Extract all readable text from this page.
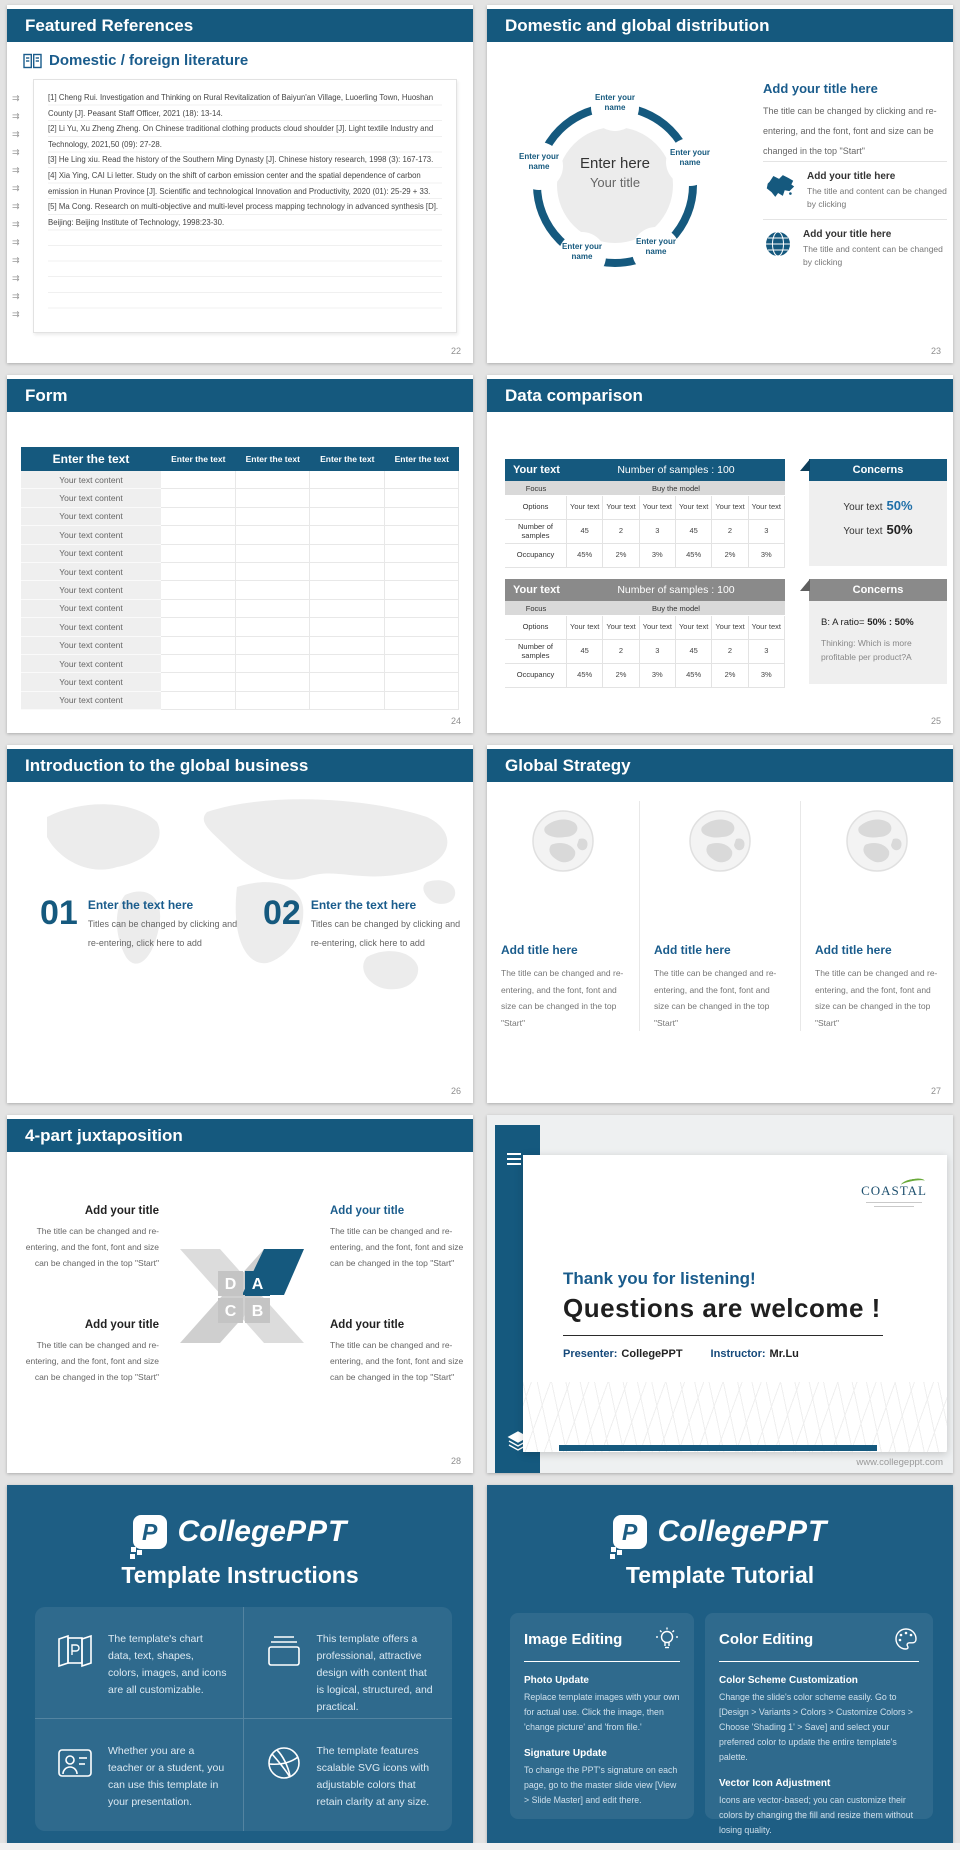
Featured References
22
Domestic / foreign literature
⇉
⇉
⇉
⇉
⇉
⇉
⇉
⇉
⇉
⇉
⇉
⇉
⇉

[1] Cheng Rui. Investigation and Thinking on Rural Revitalization of Baiyun'an Village, Luoerling Town, Huoshan County [J]. Peasant Staff Officer, 2021 (18): 13-14.

[2] Li Yu, Xu Zheng Zheng. On Chinese traditional clothing products cloud shoulder [J]. Light textile Industry and Technology, 2021,50 (09): 27-28.

[3] He Ling xiu. Read the history of the Southern Ming Dynasty [J]. Chinese history research, 1998 (3): 167-173.

[4] Xia Ying, CAI Li letter. Study on the shift of carbon emission center and the spatial dependence of carbon emission in Hunan Province [J]. Scientific and technological Innovation and Productivity, 2020 (01): 25-29 + 33.

[5] Ma Cong. Research on multi-objective and multi-level process mapping technology in advanced synthesis [D]. Beijing: Beijing Institute of Technology, 1998:23-30.

Domestic and global distribution
23
Enter here
Your title
Enter your name
Enter your name
Enter your name
Enter your name
Enter your name
Add your title here
The title can be changed by clicking and re-entering, and the font, font and size can be changed in the top "Start"
Add your title here
The title and content can be changed by clicking
Add your title here
The title and content can be changed by clicking
Form
24
Enter the text	Enter the text	Enter the text	Enter the text	Enter the text
Your text content
Your text content
Your text content
Your text content
Your text content
Your text content
Your text content
Your text content
Your text content
Your text content
Your text content
Your text content
Your text content
Data comparison
25
Your text	Number of samples : 100
Focus	Buy the model
Options	Your text Your text Your text Your text Your text Your text
Number of samples	45	2	3	45	2	3
Occupancy	45%	2%	3%	45%	2%	3%
Concerns
Your text 50%
Your text 50%
Your text	Number of samples : 100
Focus	Buy the model
Options	Your text Your text Your text Your text Your text Your text
Number of samples	45	2	3	45	2	3
Occupancy	45%	2%	3%	45%	2%	3%
Concerns
B: A ratio= 50% : 50%
Thinking: Which is more profitable per product?A
Introduction to the global business
26
01 Enter the text here
Titles can be changed by clicking and re-entering, click here to add
02 Enter the text here
Titles can be changed by clicking and re-entering, click here to add
Global Strategy
27
Add title here
The title can be changed and re-entering, and the font, font and size can be changed in the top "Start"
Add title here
The title can be changed and re-entering, and the font, font and size can be changed in the top "Start"
Add title here
The title can be changed and re-entering, and the font, font and size can be changed in the top "Start"
4-part juxtaposition
28
Add your title
The title can be changed and re-entering, and the font, font and size can be changed in the top "Start"
Add your title
The title can be changed and re-entering, and the font, font and size can be changed in the top "Start"
Add your title
The title can be changed and re-entering, and the font, font and size can be changed in the top "Start"
Add your title
The title can be changed and re-entering, and the font, font and size can be changed in the top "Start"
D A
C B
COASTAL
Thank you for listening!
Questions are welcome !
Presenter: CollegePPT	Instructor: Mr.Lu
www.collegeppt.com
P CollegePPT
Template Instructions

The template's chart data, text, shapes, colors, images, and icons are all customizable.

This template offers a professional, attractive design with content that is logical, structured, and practical.

Whether you are a teacher or a student, you can use this template in your presentation.

The template features scalable SVG icons with adjustable colors that retain clarity at any size.

P CollegePPT
Template Tutorial
Image Editing
Photo Update
Replace template images with your own for actual use. Click the image, then 'change picture' and 'from file.'
Signature Update
To change the PPT's signature on each page, go to the master slide view [View > Slide Master] and edit there.
Color Editing
Color Scheme Customization
Change the slide's color scheme easily. Go to [Design > Variants > Colors > Customize Colors > Choose 'Shading 1' > Save] and select your preferred color to update the entire template's palette.
Vector Icon Adjustment
Icons are vector-based; you can customize their colors by changing the fill and resize them without losing quality.
